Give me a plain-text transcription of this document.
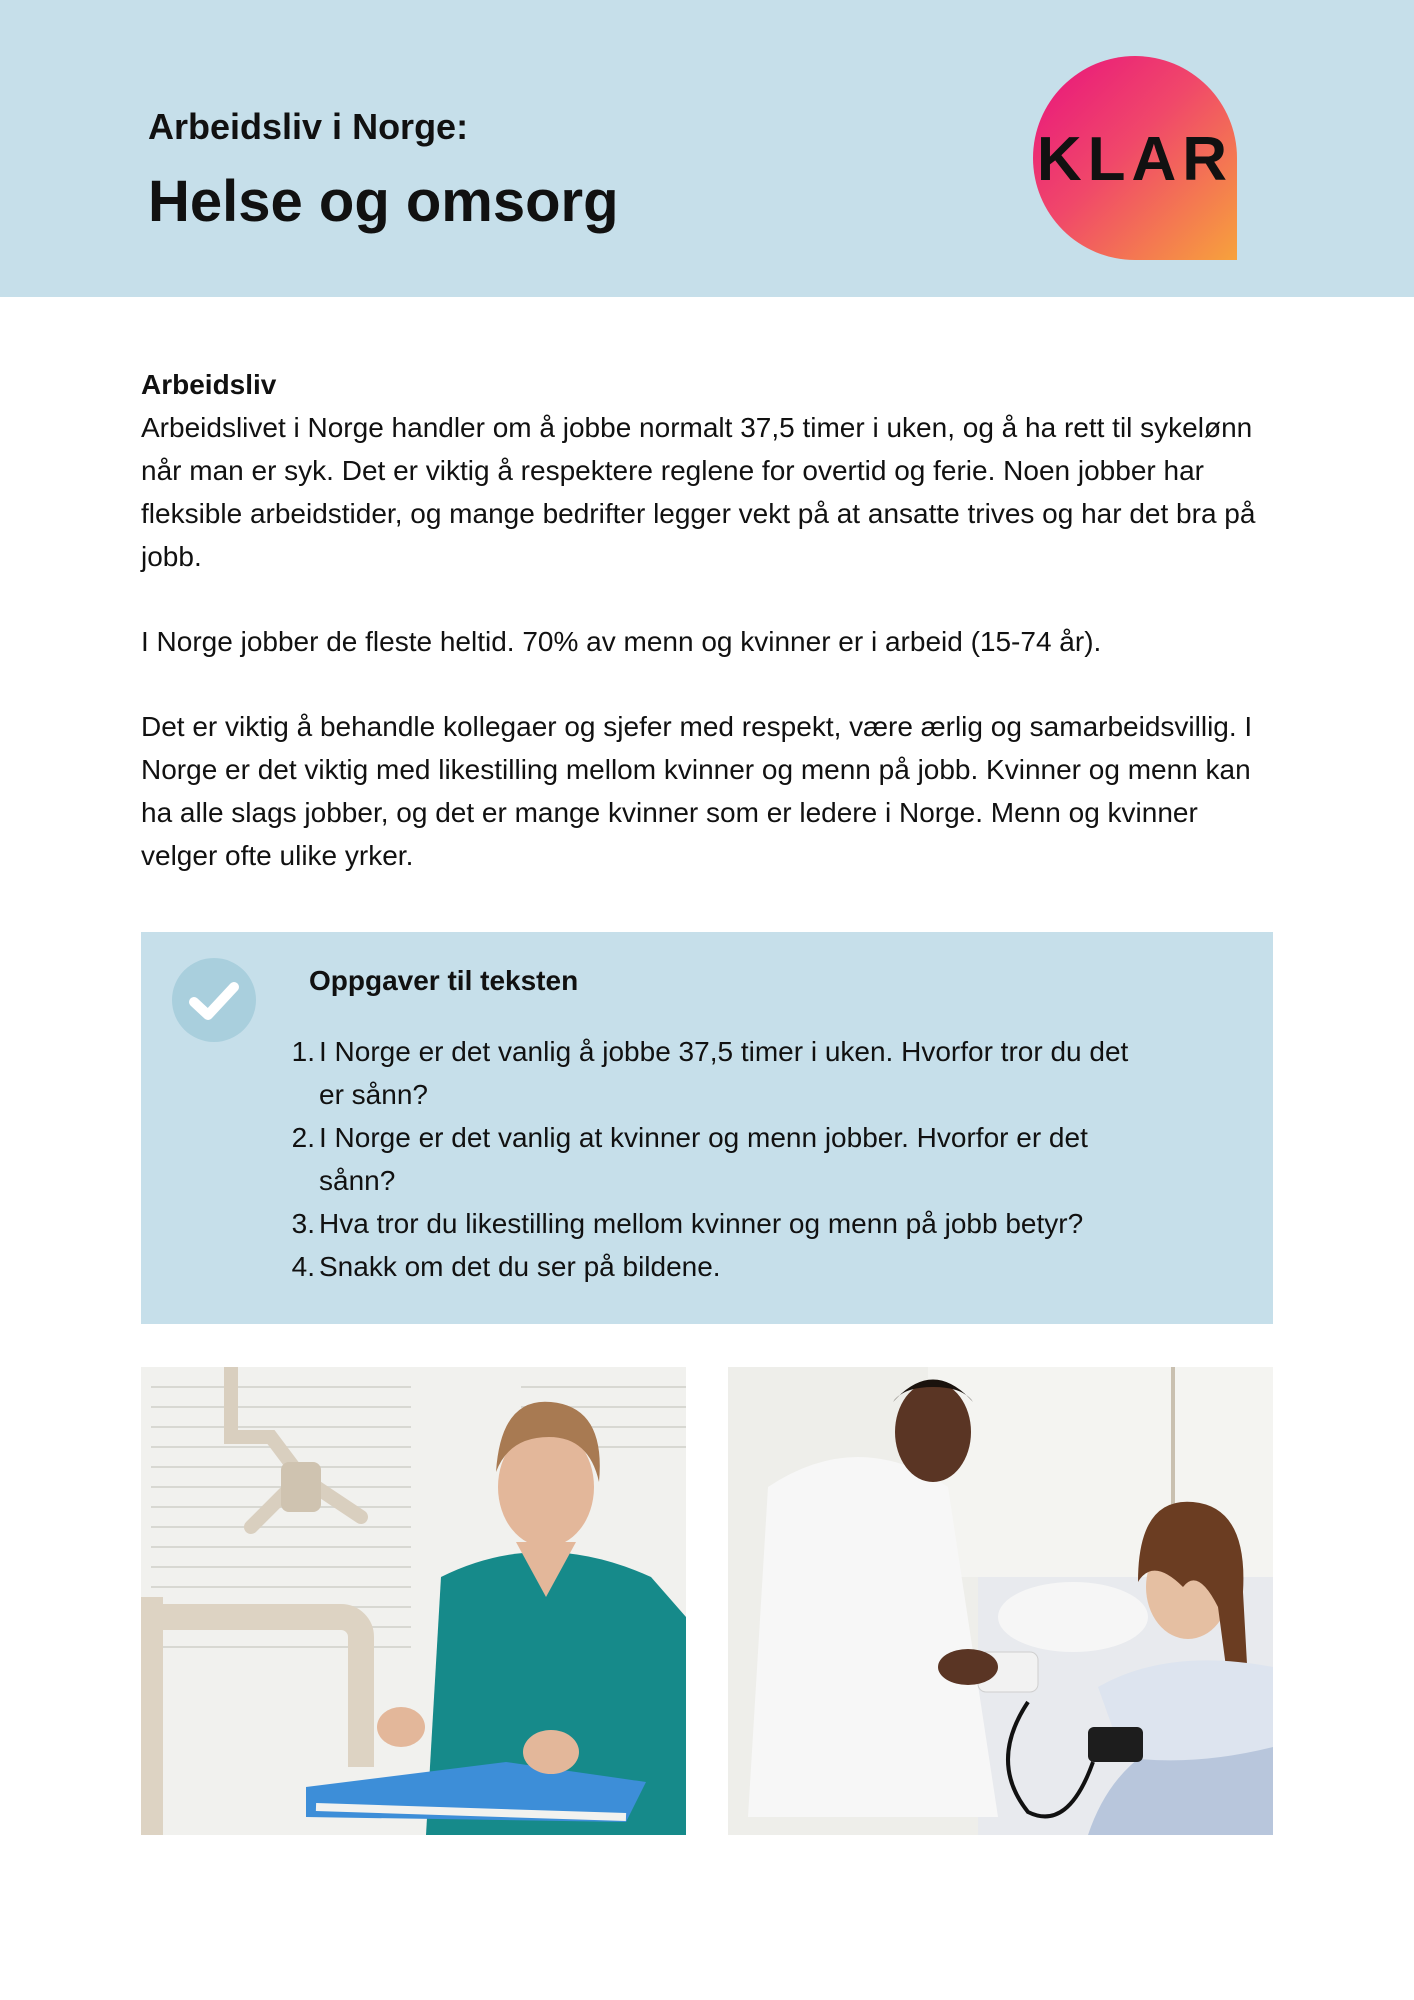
Arbeidsliv i Norge:
Helse og omsorg
KLAR
Arbeidsliv

Arbeidslivet i Norge handler om å jobbe normalt 37,5 timer i uken, og å ha rett til sykelønn når man er syk. Det er viktig å respektere reglene for overtid og ferie. Noen jobber har fleksible arbeidstider, og mange bedrifter legger vekt på at ansatte trives og har det bra på jobb.

I Norge jobber de fleste heltid. 70% av menn og kvinner er i arbeid (15-74 år).

Det er viktig å behandle kollegaer og sjefer med respekt, være ærlig og samarbeidsvillig. I Norge er det viktig med likestilling mellom kvinner og menn på jobb. Kvinner og menn kan ha alle slags jobber, og det er mange kvinner som er ledere i Norge. Menn og kvinner velger ofte ulike yrker.

Oppgaver til teksten
1. I Norge er det vanlig å jobbe 37,5 timer i uken. Hvorfor tror du det er sånn?
2. I Norge er det vanlig at kvinner og menn jobber. Hvorfor er det sånn?
3. Hva tror du likestilling mellom kvinner og menn på jobb betyr?
4. Snakk om det du ser på bildene.
